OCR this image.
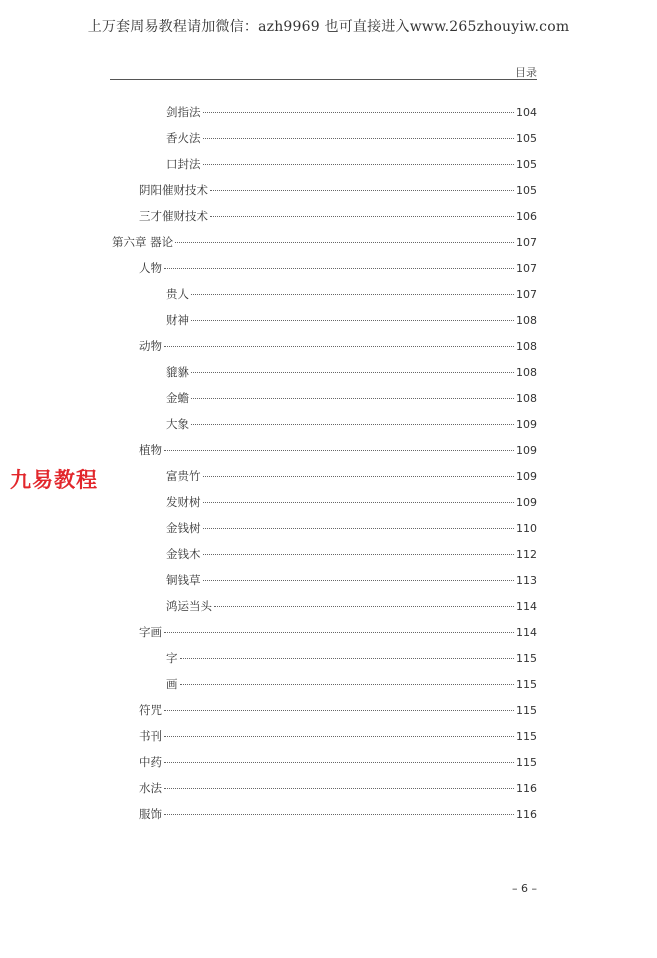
上万套周易教程请加微信：azh9969 也可直接进入www.265zhouyiw.com
目录
剑指法	104
香火法	105
口封法	105
阴阳催财技术	105
三才催财技术	106
第六章 器论	107
人物	107
贵人	107
财神	108
动物	108
貔貅	108
金蟾	108
大象	109
植物	109
富贵竹	109
发财树	109
金钱树	110
金钱木	112
铜钱草	113
鸿运当头	114
字画	114
字	115
画	115
符咒	115
书刊	115
中药	115
水法	116
服饰	116
九易教程
– 6 –
